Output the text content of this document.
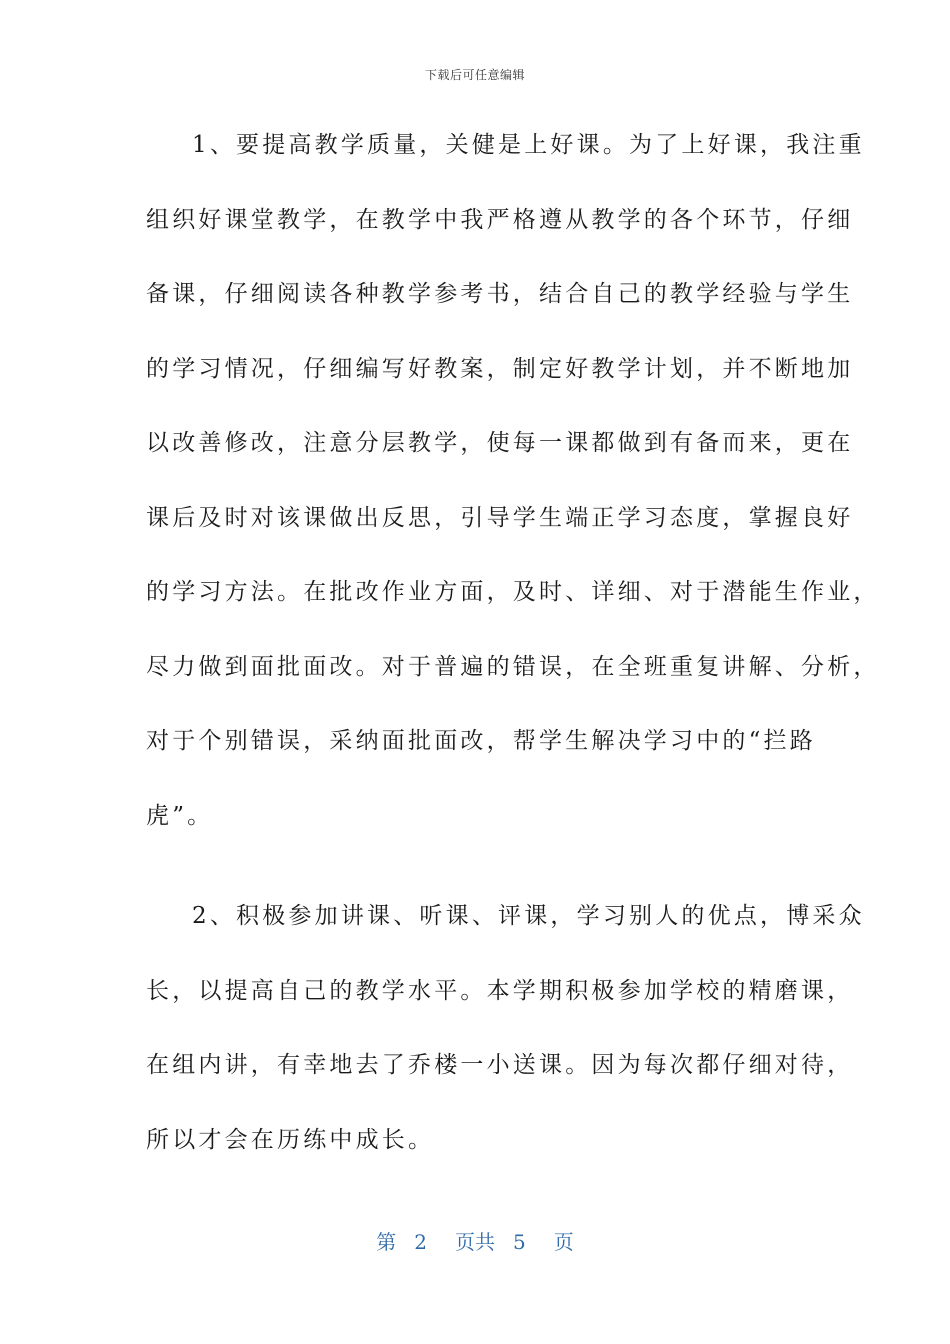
下载后可任意编辑
1、要提高教学质量，关健是上好课。为了上好课，我注重
组织好课堂教学，在教学中我严格遵从教学的各个环节，仔细
备课，仔细阅读各种教学参考书，结合自己的教学经验与学生
的学习情况，仔细编写好教案，制定好教学计划，并不断地加
以改善修改，注意分层教学，使每一课都做到有备而来，更在
课后及时对该课做出反思，引导学生端正学习态度，掌握良好
的学习方法。在批改作业方面，及时、详细、对于潜能生作业，
尽力做到面批面改。对于普遍的错误，在全班重复讲解、分析，
对于个别错误，采纳面批面改，帮学生解决学习中的“拦路
虎”。
2、积极参加讲课、听课、评课，学习别人的优点，博采众
长，以提高自己的教学水平。本学期积极参加学校的精磨课，
在组内讲，有幸地去了乔楼一小送课。因为每次都仔细对待，
所以才会在历练中成长。
第 2 页共 5 页
